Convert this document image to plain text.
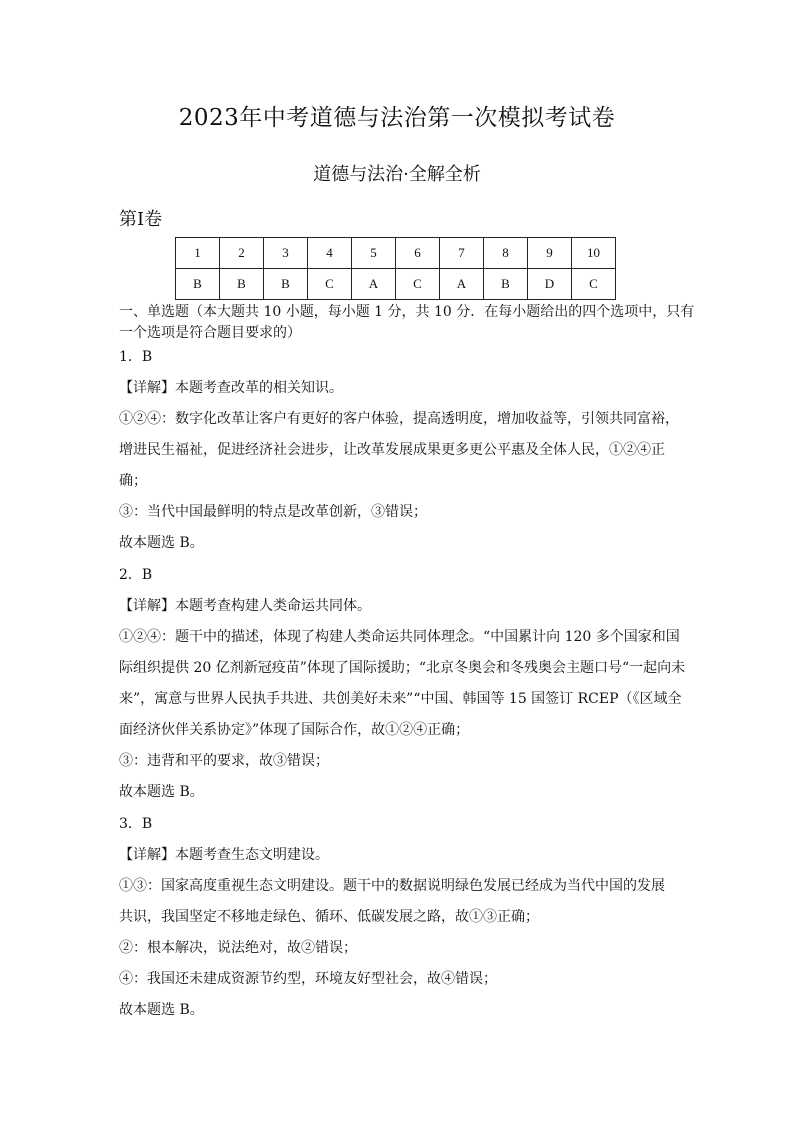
2023年中考道德与法治第一次模拟考试卷
道德与法治·全解全析
第Ⅰ卷
1	2	3	4	5	6	7	8	9	10
B	B	B	C	A	C	A	B	D	C
一、单选题（本大题共 10 小题，每小题 1 分，共 10 分．在每小题给出的四个选项中，只有
一个选项是符合题目要求的）
1．B
【详解】本题考查改革的相关知识。
①②④：数字化改革让客户有更好的客户体验，提高透明度，增加收益等，引领共同富裕，
增进民生福祉，促进经济社会进步，让改革发展成果更多更公平惠及全体人民，①②④正
确；
③：当代中国最鲜明的特点是改革创新，③错误；
故本题选 B。
2．B
【详解】本题考查构建人类命运共同体。
①②④：题干中的描述，体现了构建人类命运共同体理念。“中国累计向 120 多个国家和国
际组织提供 20 亿剂新冠疫苗”体现了国际援助；“北京冬奥会和冬残奥会主题口号“一起向未
来”，寓意与世界人民执手共进、共创美好未来”“中国、韩国等 15 国签订 RCEP（《区域全
面经济伙伴关系协定》”体现了国际合作，故①②④正确；
③：违背和平的要求，故③错误；
故本题选 B。
3．B
【详解】本题考查生态文明建设。
①③：国家高度重视生态文明建设。题干中的数据说明绿色发展已经成为当代中国的发展
共识，我国坚定不移地走绿色、循环、低碳发展之路，故①③正确；
②：根本解决，说法绝对，故②错误；
④：我国还未建成资源节约型，环境友好型社会，故④错误；
故本题选 B。
